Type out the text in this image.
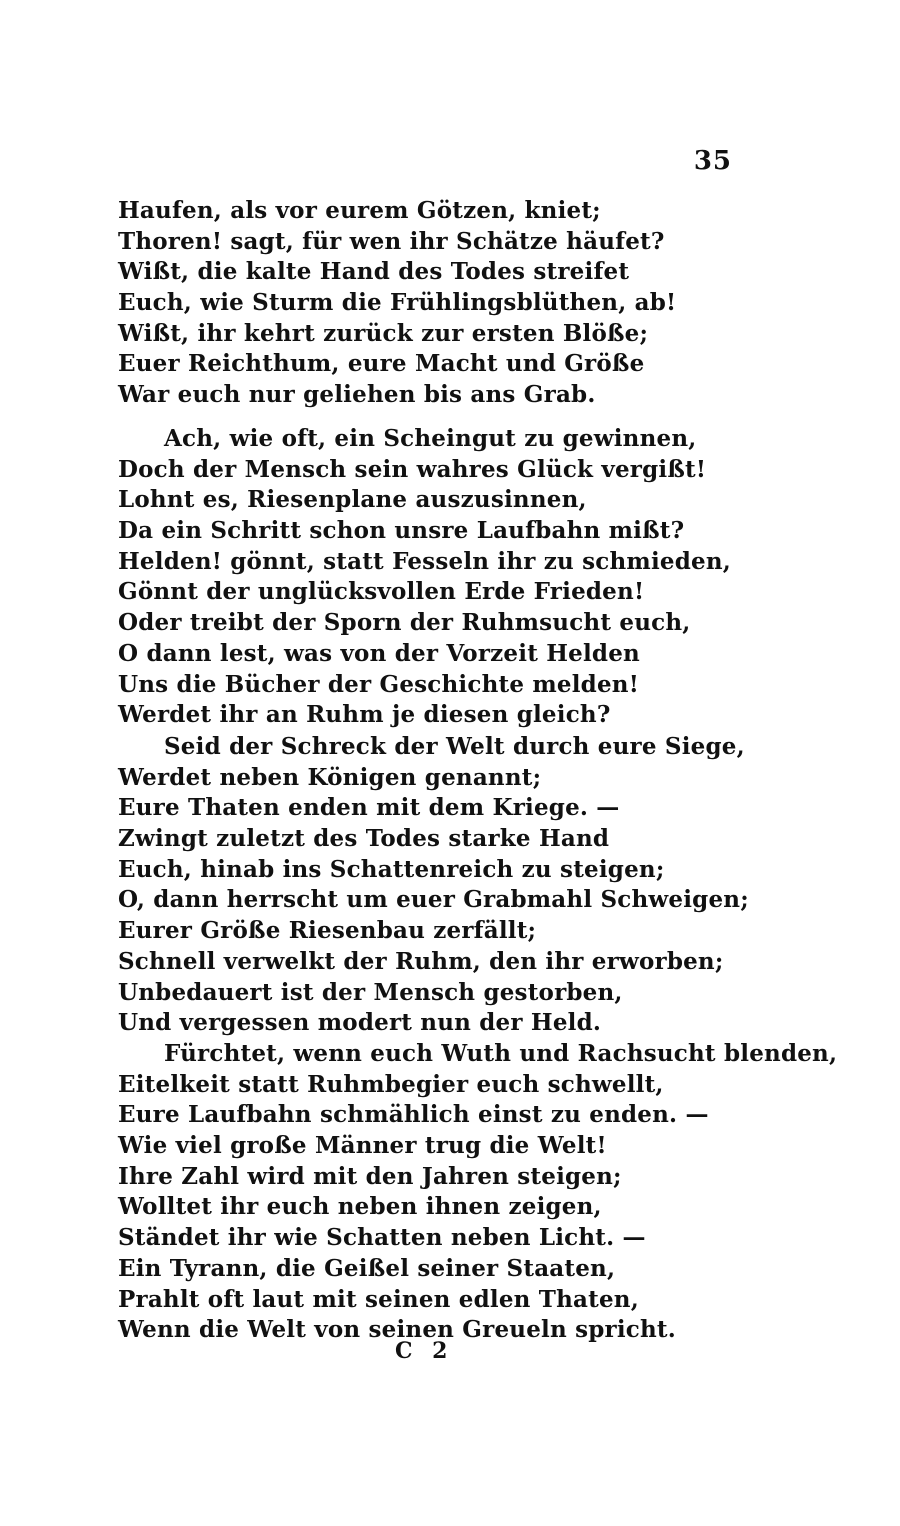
35
Haufen, als vor eurem Götzen, kniet;
Thoren! sagt, für wen ihr Schätze häufet?
Wißt, die kalte Hand des Todes streifet
Euch, wie Sturm die Frühlingsblüthen, ab!
Wißt, ihr kehrt zurück zur ersten Blöße;
Euer Reichthum, eure Macht und Größe
War euch nur geliehen bis ans Grab.
Ach, wie oft, ein Scheingut zu gewinnen,
Doch der Mensch sein wahres Glück vergißt!
Lohnt es, Riesenplane auszusinnen,
Da ein Schritt schon unsre Laufbahn mißt?
Helden! gönnt, statt Fesseln ihr zu schmieden,
Gönnt der unglücksvollen Erde Frieden!
Oder treibt der Sporn der Ruhmsucht euch,
O dann lest, was von der Vorzeit Helden
Uns die Bücher der Geschichte melden!
Werdet ihr an Ruhm je diesen gleich?
Seid der Schreck der Welt durch eure Siege,
Werdet neben Königen genannt;
Eure Thaten enden mit dem Kriege. —
Zwingt zuletzt des Todes starke Hand
Euch, hinab ins Schattenreich zu steigen;
O, dann herrscht um euer Grabmahl Schweigen;
Eurer Größe Riesenbau zerfällt;
Schnell verwelkt der Ruhm, den ihr erworben;
Unbedauert ist der Mensch gestorben,
Und vergessen modert nun der Held.
Fürchtet, wenn euch Wuth und Rachsucht blenden,
Eitelkeit statt Ruhmbegier euch schwellt,
Eure Laufbahn schmählich einst zu enden. —
Wie viel große Männer trug die Welt!
Ihre Zahl wird mit den Jahren steigen;
Wolltet ihr euch neben ihnen zeigen,
Ständet ihr wie Schatten neben Licht. —
Ein Tyrann, die Geißel seiner Staaten,
Prahlt oft laut mit seinen edlen Thaten,
Wenn die Welt von seinen Greueln spricht.
C 2
